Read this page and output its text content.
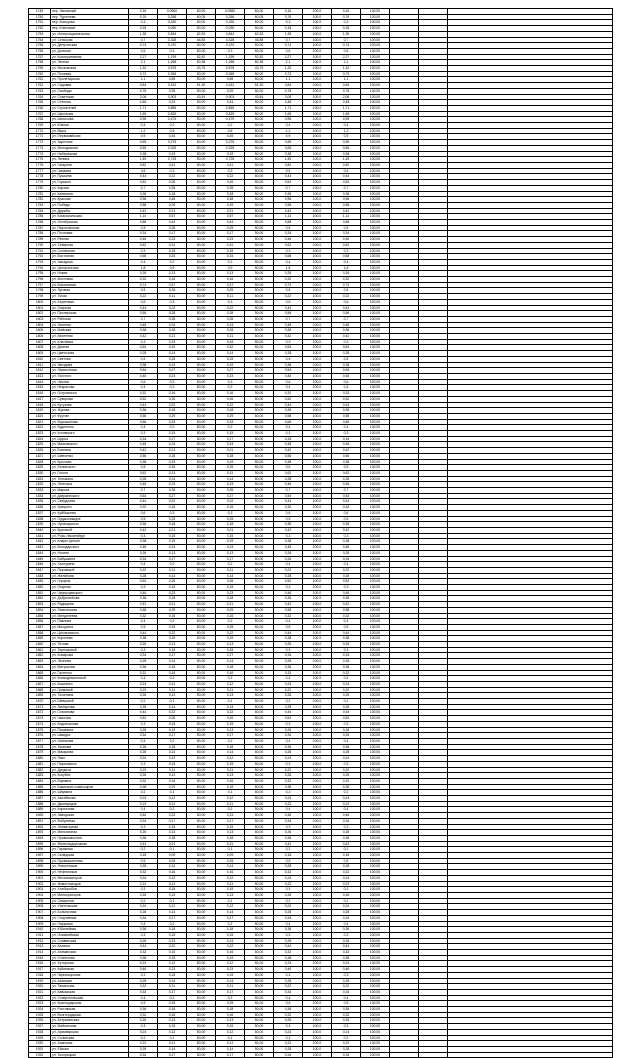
1749	пер. Заможный	0,16	0,0960	60,00	0,0960	60,00	0,16	100,0	0,16	100,00			
1750	пер. Тургенева	0,76	0,266	60,05	0,266	60,05	0,76	100,0	0,76	100,00			
1751	пер. Кольцова	0,3	0,180	60,00	0,180	60,00	0,3	100,0	0,3	100,00			
1752	пер. Кленовый	0,18	0,090	50,00	0,090	50,00	0,18	100,0	0,18	100,00			
1753	ул. Интернациональная	1,35	0,844	62,53	0,844	62,53	1,35	100,0	1,35	100,00			
1754	ул. Сельская	0,7	0,328	46,85	0,328	46,85	0,7	100,0	0,7	100,00			
1755	ул. Депутатская	0,74	0,370	50,00	0,370	50,00	0,74	100,0	0,74	100,00			
1756	ул. Донская	0,6	0,3	50,00	0,3	50,00	0,6	100,0	0,6	100,00			
1757	ул. Кооперативная	2,27	1,199	52,82	1,199	52,82	2,27	100,0	2,27	100,00			
1758	ул. Лесная	2,1	1,268	60,38	1,268	60,38	2,1	100,0	2,1	100,00			
1759	ул. Московская	1,32	0,578	43,79	0,578	43,79	1,32	100,0	1,32	100,00			
1760	ул. Полевая	0,73	0,365	50,00	0,365	50,00	0,73	100,0	0,73	100,00			
1761	ул. Пролетарская	1,1	0,55	50,00	0,55	50,00	1,1	100,0	1,1	100,00			
1762	ул. Садовая	0,84	0,431	51,30	0,431	51,30	0,84	100,0	0,84	100,00			
1763	ул. Свободы	0,78	0,39	50,00	0,39	50,00	0,78	100,0	0,78	100,00			
1764	ул. Советская	2,06	0,903	43,84	0,903	43,84	2,06	100,0	2,06	100,00			
1765	ул. Степная	0,48	0,24	50,00	0,24	50,00	0,48	100,0	0,48	100,00			
1766	ул. Строителей	1,71	0,855	50,00	0,855	50,00	1,71	100,0	1,71	100,00			
1767	ул. Школьная	1,65	0,825	50,00	0,825	50,00	1,65	100,0	1,65	100,00			
1768	ул. Шолохова	0,95	0,475	50,00	0,475	50,00	0,95	100,0	0,95	100,00			
1769	ул. Южная	0,4	0,2	50,00	0,2	50,00	0,4	100,0	0,4	100,00			
1770	ул. Мира	1,2	0,6	50,00	0,6	50,00	1,2	100,0	1,2	100,00			
1771	ул. Первомайская	0,9	0,45	50,00	0,45	50,00	0,9	100,0	0,9	100,00			
1772	ул. Заречная	0,55	0,275	50,00	0,275	50,00	0,55	100,0	0,55	100,00			
1773	ул. Молодежная	0,65	0,325	50,00	0,325	50,00	0,65	100,0	0,65	100,00			
1774	ул. Набережная	0,38	0,19	50,00	0,19	50,00	0,38	100,0	0,38	100,00			
1775	ул. Ленина	1,45	0,725	50,00	0,725	50,00	1,45	100,0	1,45	100,00			
1776	ул. Гагарина	0,82	0,41	50,00	0,41	50,00	0,82	100,0	0,82	100,00			
1777	ул. Чапаева	0,6	0,3	50,00	0,3	50,00	0,6	100,0	0,6	100,00			
1778	ул. Пушкина	0,44	0,22	50,00	0,22	50,00	0,44	100,0	0,44	100,00			
1779	ул. Горького	0,52	0,26	50,00	0,26	50,00	0,52	100,0	0,52	100,00			
1780	ул. Кирова	0,7	0,35	50,00	0,35	50,00	0,7	100,0	0,7	100,00			
1781	ул. Калинина	0,36	0,18	50,00	0,18	50,00	0,36	100,0	0,36	100,00			
1782	ул. Красная	0,96	0,48	50,00	0,48	50,00	0,96	100,0	0,96	100,00			
1783	ул. Победы	0,58	0,29	50,00	0,29	50,00	0,58	100,0	0,58	100,00			
1784	ул. Дружбы	0,42	0,21	50,00	0,21	50,00	0,42	100,0	0,42	100,00			
1785	ул. Комсомольская	1,14	0,57	50,00	0,57	50,00	1,14	100,0	1,14	100,00			
1786	ул. Октябрьская	0,88	0,44	50,00	0,44	50,00	0,88	100,0	0,88	100,00			
1787	ул. Партизанская	0,5	0,25	50,00	0,25	50,00	0,5	100,0	0,5	100,00			
1788	ул. Почтовая	0,34	0,17	50,00	0,17	50,00	0,34	100,0	0,34	100,00			
1789	ул. Речная	0,46	0,23	50,00	0,23	50,00	0,46	100,0	0,46	100,00			
1790	ул. Северная	0,62	0,31	50,00	0,31	50,00	0,62	100,0	0,62	100,00			
1791	ул. Солнечная	0,3	0,15	50,00	0,15	50,00	0,3	100,0	0,3	100,00			
1792	ул. Восточная	0,68	0,34	50,00	0,34	50,00	0,68	100,0	0,68	100,00			
1793	ул. Западная	0,4	0,2	50,00	0,2	50,00	0,4	100,0	0,4	100,00			
1794	ул. Центральная	1,8	0,9	50,00	0,9	50,00	1,8	100,0	1,8	100,00			
1795	ул. Новая	0,26	0,13	50,00	0,13	50,00	0,26	100,0	0,26	100,00			
1796	ул. Мостовая	0,32	0,16	50,00	0,16	50,00	0,32	100,0	0,32	100,00			
1797	ул. Вокзальная	0,74	0,37	50,00	0,37	50,00	0,74	100,0	0,74	100,00			
1798	ул. Луговая	0,5	0,25	50,00	0,25	50,00	0,5	100,0	0,5	100,00			
1799	ул. Тихая	0,22	0,11	50,00	0,11	50,00	0,22	100,0	0,22	100,00			
1800	ул. Береговая	0,6	0,3	50,00	0,3	50,00	0,6	100,0	0,6	100,00			
1801	ул. Озерная	0,44	0,22	50,00	0,22	50,00	0,44	100,0	0,44	100,00			
1802	ул. Пионерская	0,56	0,28	50,00	0,28	50,00	0,56	100,0	0,56	100,00			
1803	ул. Рабочая	0,7	0,35	50,00	0,35	50,00	0,7	100,0	0,7	100,00			
1804	ул. Зеленая	0,48	0,24	50,00	0,24	50,00	0,48	100,0	0,48	100,00			
1805	ул. Майская	0,36	0,18	50,00	0,18	50,00	0,36	100,0	0,36	100,00			
1806	ул. Весенняя	0,42	0,21	50,00	0,21	50,00	0,42	100,0	0,42	100,00			
1807	ул. Ключевая	0,3	0,15	50,00	0,15	50,00	0,3	100,0	0,3	100,00			
1808	ул. Дачная	0,64	0,32	50,00	0,32	50,00	0,64	100,0	0,64	100,00			
1809	ул. Цветочная	0,28	0,14	50,00	0,14	50,00	0,28	100,0	0,28	100,00			
1810	ул. Светлая	0,5	0,25	50,00	0,25	50,00	0,5	100,0	0,5	100,00			
1811	ул. Звездная	0,38	0,19	50,00	0,19	50,00	0,38	100,0	0,38	100,00			
1812	ул. Лермонтова	0,54	0,27	50,00	0,27	50,00	0,54	100,0	0,54	100,00			
1813	ул. Толстого	0,46	0,23	50,00	0,23	50,00	0,46	100,0	0,46	100,00			
1814	ул. Чехова	0,6	0,3	50,00	0,3	50,00	0,6	100,0	0,6	100,00			
1815	ул. Некрасова	0,4	0,2	50,00	0,2	50,00	0,4	100,0	0,4	100,00			
1816	ул. Островского	0,32	0,16	50,00	0,16	50,00	0,32	100,0	0,32	100,00			
1817	ул. Суворова	0,52	0,26	50,00	0,26	50,00	0,52	100,0	0,52	100,00			
1818	ул. Кутузова	0,44	0,22	50,00	0,22	50,00	0,44	100,0	0,44	100,00			
1819	ул. Жукова	0,36	0,18	50,00	0,18	50,00	0,36	100,0	0,36	100,00			
1820	ул. Фрунзе	0,58	0,29	50,00	0,29	50,00	0,58	100,0	0,58	100,00			
1821	ул. Ворошилова	0,66	0,33	50,00	0,33	50,00	0,66	100,0	0,66	100,00			
1822	ул. Буденного	0,4	0,2	50,00	0,2	50,00	0,4	100,0	0,4	100,00			
1823	ул. Котовского	0,3	0,15	50,00	0,15	50,00	0,3	100,0	0,3	100,00			
1824	ул. Щорса	0,34	0,17	50,00	0,17	50,00	0,34	100,0	0,34	100,00			
1825	ул. Маяковского	0,48	0,24	50,00	0,24	50,00	0,48	100,0	0,48	100,00			
1826	ул. Есенина	0,42	0,21	50,00	0,21	50,00	0,42	100,0	0,42	100,00			
1827	ул. Шевченко	0,56	0,28	50,00	0,28	50,00	0,56	100,0	0,56	100,00			
1828	ул. Крылова	0,38	0,19	50,00	0,19	50,00	0,38	100,0	0,38	100,00			
1829	ул. Белинского	0,5	0,25	50,00	0,25	50,00	0,5	100,0	0,5	100,00			
1830	ул. Гоголя	0,62	0,31	50,00	0,31	50,00	0,62	100,0	0,62	100,00			
1831	ул. Тельмана	0,28	0,14	50,00	0,14	50,00	0,28	100,0	0,28	100,00			
1832	ул. Энгельса	0,46	0,23	50,00	0,23	50,00	0,46	100,0	0,46	100,00			
1833	ул. Маркса	0,7	0,35	50,00	0,35	50,00	0,7	100,0	0,7	100,00			
1834	ул. Дзержинского	0,54	0,27	50,00	0,27	50,00	0,54	100,0	0,54	100,00			
1835	ул. Свердлова	0,44	0,22	50,00	0,22	50,00	0,44	100,0	0,44	100,00			
1836	ул. Урицкого	0,32	0,16	50,00	0,16	50,00	0,32	100,0	0,32	100,00			
1837	ул. Куйбышева	0,6	0,3	50,00	0,3	50,00	0,6	100,0	0,6	100,00			
1838	ул. Орджоникидзе	0,5	0,25	50,00	0,25	50,00	0,5	100,0	0,5	100,00			
1839	ул. Луначарского	0,36	0,18	50,00	0,18	50,00	0,36	100,0	0,36	100,00			
1840	ул. Крупской	0,42	0,21	50,00	0,21	50,00	0,42	100,0	0,42	100,00			
1841	ул. Розы Люксембург	0,3	0,15	50,00	0,15	50,00	0,3	100,0	0,3	100,00			
1842	ул. Клары Цеткин	0,38	0,19	50,00	0,19	50,00	0,38	100,0	0,38	100,00			
1843	ул. Володарского	0,48	0,24	50,00	0,24	50,00	0,48	100,0	0,48	100,00			
1844	ул. Ногина	0,26	0,13	50,00	0,13	50,00	0,26	100,0	0,26	100,00			
1845	ул. Бабушкина	0,34	0,17	50,00	0,17	50,00	0,34	100,0	0,34	100,00			
1846	ул. Халтурина	0,4	0,2	50,00	0,2	50,00	0,4	100,0	0,4	100,00			
1847	ул. Перовской	0,22	0,11	50,00	0,11	50,00	0,22	100,0	0,22	100,00			
1848	ул. Желябова	0,28	0,14	50,00	0,14	50,00	0,28	100,0	0,28	100,00			
1849	ул. Герцена	0,52	0,26	50,00	0,26	50,00	0,52	100,0	0,52	100,00			
1850	ул. Огарева	0,3	0,15	50,00	0,15	50,00	0,3	100,0	0,3	100,00			
1851	ул. Чернышевского	0,46	0,23	50,00	0,23	50,00	0,46	100,0	0,46	100,00			
1852	ул. Добролюбова	0,36	0,18	50,00	0,18	50,00	0,36	100,0	0,36	100,00			
1853	ул. Радищева	0,42	0,21	50,00	0,21	50,00	0,42	100,0	0,42	100,00			
1854	ул. Ломоносова	0,58	0,29	50,00	0,29	50,00	0,58	100,0	0,58	100,00			
1855	ул. Менделеева	0,32	0,16	50,00	0,16	50,00	0,32	100,0	0,32	100,00			
1856	ул. Павлова	0,4	0,2	50,00	0,2	50,00	0,4	100,0	0,4	100,00			
1857	ул. Мичурина	0,5	0,25	50,00	0,25	50,00	0,5	100,0	0,5	100,00			
1858	ул. Циолковского	0,44	0,22	50,00	0,22	50,00	0,44	100,0	0,44	100,00			
1859	ул. Королева	0,38	0,19	50,00	0,19	50,00	0,38	100,0	0,38	100,00			
1860	ул. Титова	0,26	0,13	50,00	0,13	50,00	0,26	100,0	0,26	100,00			
1861	ул. Терешковой	0,3	0,15	50,00	0,15	50,00	0,3	100,0	0,3	100,00			
1862	ул. Комарова	0,34	0,17	50,00	0,17	50,00	0,34	100,0	0,34	100,00			
1863	ул. Леонова	0,28	0,14	50,00	0,14	50,00	0,28	100,0	0,28	100,00			
1864	ул. Матросова	0,36	0,18	50,00	0,18	50,00	0,36	100,0	0,36	100,00			
1865	ул. Гастелло	0,32	0,16	50,00	0,16	50,00	0,32	100,0	0,32	100,00			
1866	ул. Космодемьянской	0,4	0,2	50,00	0,2	50,00	0,4	100,0	0,4	100,00			
1867	ул. Кошевого	0,24	0,12	50,00	0,12	50,00	0,24	100,0	0,24	100,00			
1868	ул. Громовой	0,22	0,11	50,00	0,11	50,00	0,22	100,0	0,22	100,00			
1869	ул. Тюленина	0,26	0,13	50,00	0,13	50,00	0,26	100,0	0,26	100,00			
1870	ул. Шевцовой	0,2	0,1	50,00	0,1	50,00	0,2	100,0	0,2	100,00			
1871	ул. Земнухова	0,28	0,14	50,00	0,14	50,00	0,28	100,0	0,28	100,00			
1872	ул. Стаханова	0,44	0,22	50,00	0,22	50,00	0,44	100,0	0,44	100,00			
1873	ул. Чкалова	0,52	0,26	50,00	0,26	50,00	0,52	100,0	0,52	100,00			
1874	ул. Водопьянова	0,3	0,15	50,00	0,15	50,00	0,3	100,0	0,3	100,00			
1875	ул. Папанина	0,26	0,13	50,00	0,13	50,00	0,26	100,0	0,26	100,00			
1876	ул. Шмидта	0,34	0,17	50,00	0,17	50,00	0,34	100,0	0,34	100,00			
1877	ул. Нахимова	0,4	0,2	50,00	0,2	50,00	0,4	100,0	0,4	100,00			
1878	ул. Ушакова	0,36	0,18	50,00	0,18	50,00	0,36	100,0	0,36	100,00			
1879	ул. Макарова	0,28	0,14	50,00	0,14	50,00	0,28	100,0	0,28	100,00			
1880	ул. Лазо	0,24	0,12	50,00	0,12	50,00	0,24	100,0	0,24	100,00			
1881	ул. Пархоменко	0,3	0,15	50,00	0,15	50,00	0,3	100,0	0,3	100,00			
1882	ул. Дундича	0,22	0,11	50,00	0,11	50,00	0,22	100,0	0,22	100,00			
1883	ул. Кочубея	0,26	0,13	50,00	0,13	50,00	0,26	100,0	0,26	100,00			
1884	ул. Баумана	0,32	0,16	50,00	0,16	50,00	0,32	100,0	0,32	100,00			
1885	ул. Бакинских комиссаров	0,38	0,19	50,00	0,19	50,00	0,38	100,0	0,38	100,00			
1886	ул. Шаумяна	0,2	0,1	50,00	0,1	50,00	0,2	100,0	0,2	100,00			
1887	ул. Азизбекова	0,24	0,12	50,00	0,12	50,00	0,24	100,0	0,24	100,00			
1888	ул. Джапаридзе	0,22	0,11	50,00	0,11	50,00	0,22	100,0	0,22	100,00			
1889	ул. Кирпичная	0,4	0,2	50,00	0,2	50,00	0,4	100,0	0,4	100,00			
1890	ул. Заводская	0,46	0,23	50,00	0,23	50,00	0,46	100,0	0,46	100,00			
1891	ул. Фабричная	0,34	0,17	50,00	0,17	50,00	0,34	100,0	0,34	100,00			
1892	ул. Элеваторная	0,3	0,15	50,00	0,15	50,00	0,3	100,0	0,3	100,00			
1893	ул. Мельничная	0,26	0,13	50,00	0,13	50,00	0,26	100,0	0,26	100,00			
1894	ул. Привокзальная	0,36	0,18	50,00	0,18	50,00	0,36	100,0	0,36	100,00			
1895	ул. Железнодорожная	0,42	0,21	50,00	0,21	50,00	0,42	100,0	0,42	100,00			
1896	ул. Гаражная	0,2	0,1	50,00	0,1	50,00	0,2	100,0	0,2	100,00			
1897	ул. Складская	0,18	0,09	50,00	0,09	50,00	0,18	100,0	0,18	100,00			
1898	ул. Промышленная	0,5	0,25	50,00	0,25	50,00	0,5	100,0	0,5	100,00			
1899	ул. Энергетиков	0,28	0,14	50,00	0,14	50,00	0,28	100,0	0,28	100,00			
1900	ул. Нефтяников	0,32	0,16	50,00	0,16	50,00	0,32	100,0	0,32	100,00			
1901	ул. Механизаторов	0,24	0,12	50,00	0,12	50,00	0,24	100,0	0,24	100,00			
1902	ул. Животноводов	0,22	0,11	50,00	0,11	50,00	0,22	100,0	0,22	100,00			
1903	ул. Хлеборобов	0,3	0,15	50,00	0,15	50,00	0,3	100,0	0,3	100,00			
1904	ул. Мелиораторов	0,26	0,13	50,00	0,13	50,00	0,26	100,0	0,26	100,00			
1905	ул. Связистов	0,2	0,1	50,00	0,1	50,00	0,2	100,0	0,2	100,00			
1906	ул. Учительская	0,24	0,12	50,00	0,12	50,00	0,24	100,0	0,24	100,00			
1907	ул. Больничная	0,28	0,14	50,00	0,14	50,00	0,28	100,0	0,28	100,00			
1908	ул. Спортивная	0,34	0,17	50,00	0,17	50,00	0,34	100,0	0,34	100,00			
1909	ул. Парковая	0,4	0,2	50,00	0,2	50,00	0,4	100,0	0,4	100,00			
1910	ул. Юбилейная	0,36	0,18	50,00	0,18	50,00	0,36	100,0	0,36	100,00			
1911	ул. Олимпийская	0,3	0,15	50,00	0,15	50,00	0,3	100,0	0,3	100,00			
1912	ул. Славянская	0,26	0,13	50,00	0,13	50,00	0,26	100,0	0,26	100,00			
1913	ул. Казачья	0,44	0,22	50,00	0,22	50,00	0,44	100,0	0,44	100,00			
1914	ул. Атаманская	0,32	0,16	50,00	0,16	50,00	0,32	100,0	0,32	100,00			
1915	ул. Станичная	0,38	0,19	50,00	0,19	50,00	0,38	100,0	0,38	100,00			
1916	ул. Хуторская	0,24	0,12	50,00	0,12	50,00	0,24	100,0	0,24	100,00			
1917	ул. Кубанская	0,46	0,23	50,00	0,23	50,00	0,46	100,0	0,46	100,00			
1918	ул. Черноморская	0,3	0,15	50,00	0,15	50,00	0,3	100,0	0,3	100,00			
1919	ул. Азовская	0,28	0,14	50,00	0,14	50,00	0,28	100,0	0,28	100,00			
1920	ул. Таманская	0,22	0,11	50,00	0,11	50,00	0,22	100,0	0,22	100,00			
1921	ул. Кавказская	0,34	0,17	50,00	0,17	50,00	0,34	100,0	0,34	100,00			
1922	ул. Ставропольская	0,4	0,2	50,00	0,2	50,00	0,4	100,0	0,4	100,00			
1923	ул. Краснодарская	0,5	0,25	50,00	0,25	50,00	0,5	100,0	0,5	100,00			
1924	ул. Ростовская	0,36	0,18	50,00	0,18	50,00	0,36	100,0	0,36	100,00			
1925	ул. Волгоградская	0,32	0,16	50,00	0,16	50,00	0,32	100,0	0,32	100,00			
1926	ул. Астраханская	0,26	0,13	50,00	0,13	50,00	0,26	100,0	0,26	100,00			
1927	ул. Майкопская	0,3	0,15	50,00	0,15	50,00	0,3	100,0	0,3	100,00			
1928	ул. Армавирская	0,24	0,12	50,00	0,12	50,00	0,24	100,0	0,24	100,00			
1929	ул. Сочинская	0,2	0,1	50,00	0,1	50,00	0,2	100,0	0,2	100,00			
1930	ул. Анапская	0,22	0,11	50,00	0,11	50,00	0,22	100,0	0,22	100,00			
1931	ул. Ейская	0,28	0,14	50,00	0,14	50,00	0,28	100,0	0,28	100,00			
1932	ул. Тихорецкая	0,34	0,17	50,00	0,17	50,00	0,34	100,0	0,34	100,00			
